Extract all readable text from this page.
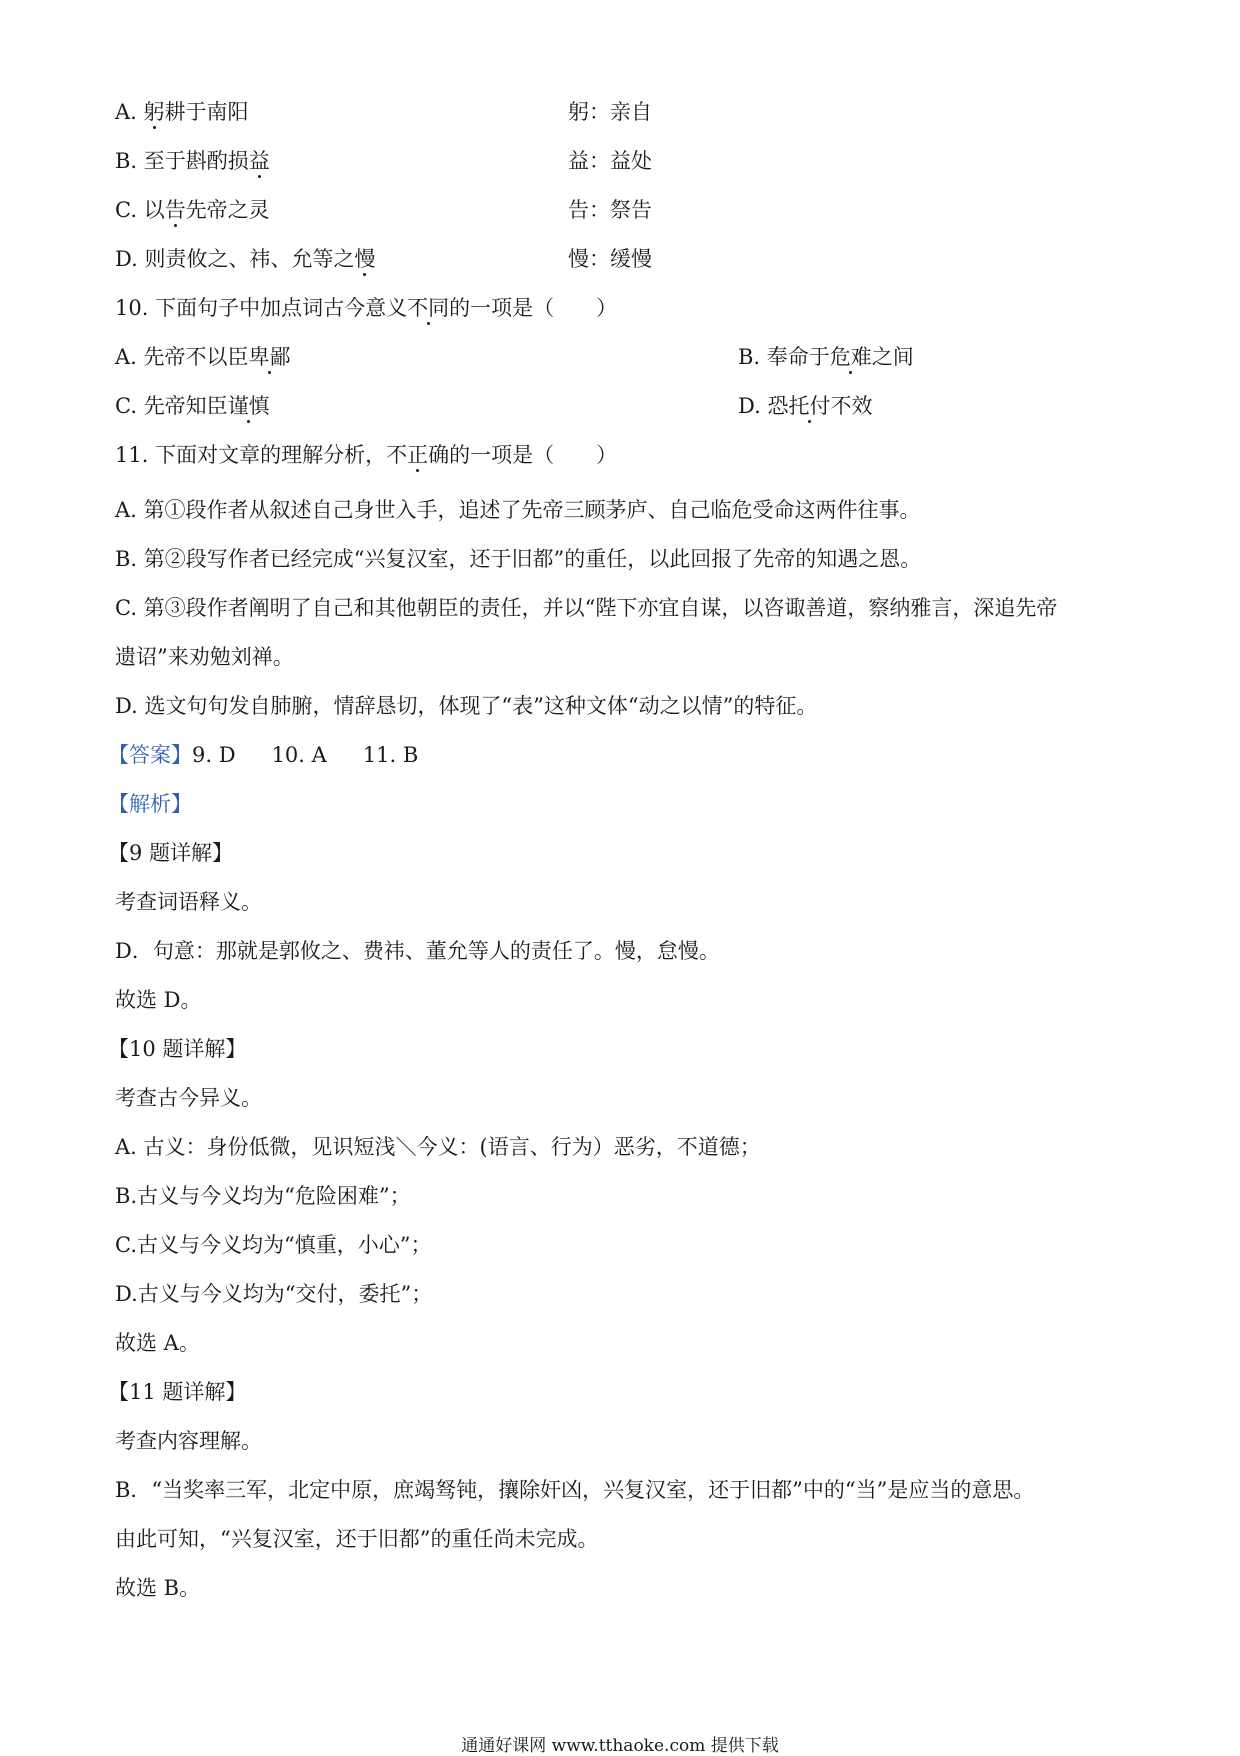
A. 躬耕于南阳	躬：亲自
B. 至于斟酌损益	益：益处
C. 以告先帝之灵	告：祭告
D. 则责攸之、祎、允等之慢	慢：缓慢
10. 下面句子中加点词古今意义不同的一项是（　　）
A. 先帝不以臣卑鄙	B. 奉命于危难之间
C. 先帝知臣谨慎	D. 恐托付不效
11. 下面对文章的理解分析，不正确的一项是（　　）
A. 第①段作者从叙述自己身世入手，追述了先帝三顾茅庐、自己临危受命这两件往事。
B. 第②段写作者已经完成“兴复汉室，还于旧都”的重任，以此回报了先帝的知遇之恩。
C. 第③段作者阐明了自己和其他朝臣的责任，并以“陛下亦宜自谋，以咨诹善道，察纳雅言，深追先帝
遗诏”来劝勉刘禅。
D. 选文句句发自肺腑，情辞恳切，体现了“表”这种文体“动之以情”的特征。
【答案】9. D 10. A 11. B
【解析】
【9 题详解】
考查词语释义。
D．句意：那就是郭攸之、费祎、董允等人的责任了。慢，怠慢。
故选 D。
【10 题详解】
考查古今异义。
A. 古义：身份低微，见识短浅＼今义：(语言、行为）恶劣，不道德；
B.古义与今义均为“危险困难”；
C.古义与今义均为“慎重，小心”；
D.古义与今义均为“交付，委托”；
故选 A。
【11 题详解】
考查内容理解。
B．“当奖率三军，北定中原，庶竭驽钝，攘除奸凶，兴复汉室，还于旧都”中的“当”是应当的意思。
由此可知，“兴复汉室，还于旧都”的重任尚未完成。
故选 B。
通通好课网 www.tthaoke.com 提供下载
